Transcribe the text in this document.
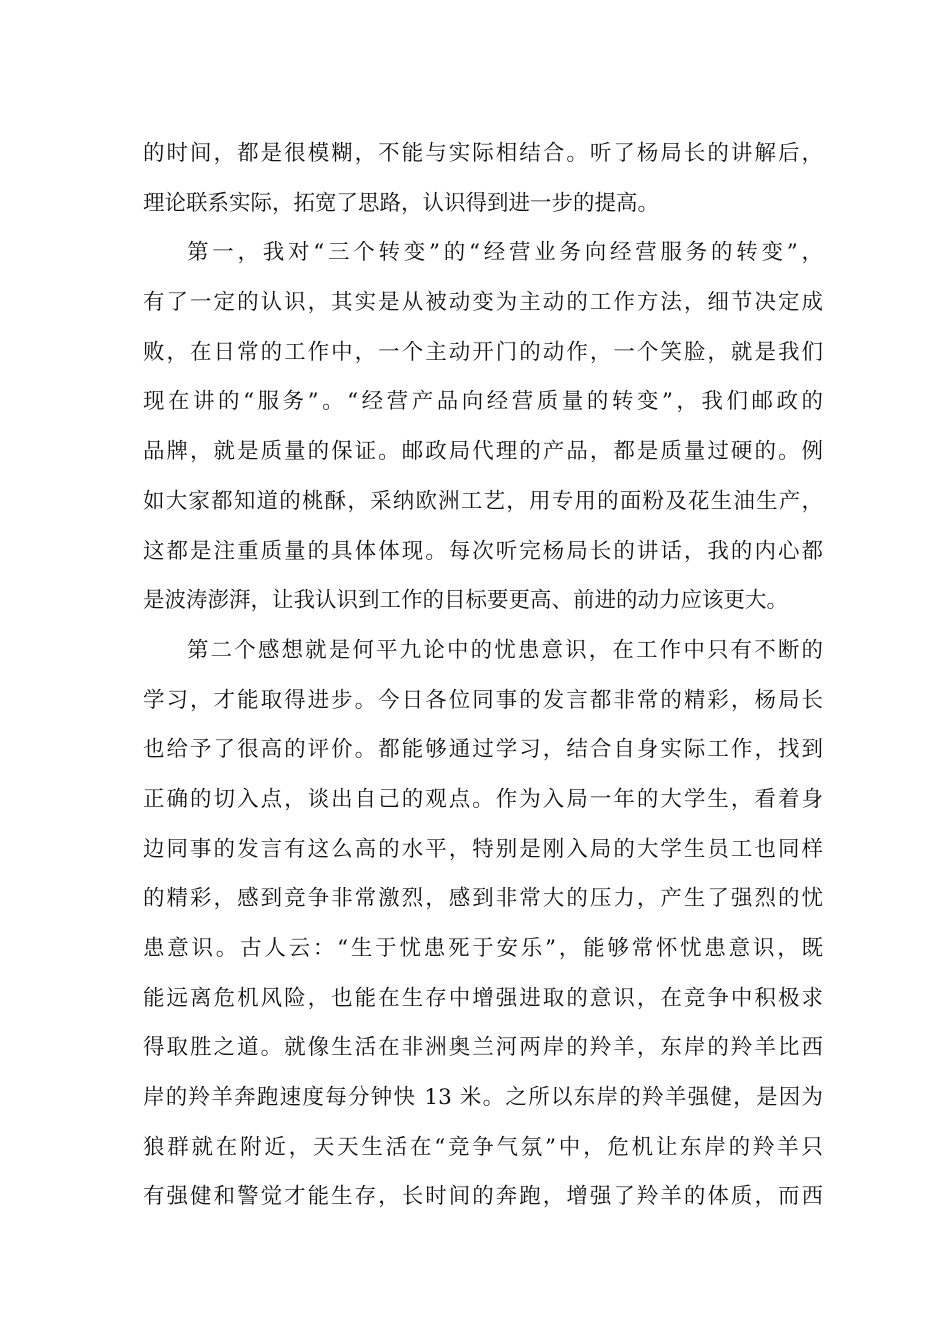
的时间，都是很模糊，不能与实际相结合。听了杨局长的讲解后，
理论联系实际，拓宽了思路，认识得到进一步的提高。
第一，我对“三个转变”的“经营业务向经营服务的转变”，
有了一定的认识，其实是从被动变为主动的工作方法，细节决定成
败，在日常的工作中，一个主动开门的动作，一个笑脸，就是我们
现在讲的“服务”。“经营产品向经营质量的转变”，我们邮政的
品牌，就是质量的保证。邮政局代理的产品，都是质量过硬的。例
如大家都知道的桃酥，采纳欧洲工艺，用专用的面粉及花生油生产，
这都是注重质量的具体体现。每次听完杨局长的讲话，我的内心都
是波涛澎湃，让我认识到工作的目标要更高、前进的动力应该更大。
第二个感想就是何平九论中的忧患意识，在工作中只有不断的
学习，才能取得进步。今日各位同事的发言都非常的精彩，杨局长
也给予了很高的评价。都能够通过学习，结合自身实际工作，找到
正确的切入点，谈出自己的观点。作为入局一年的大学生，看着身
边同事的发言有这么高的水平，特别是刚入局的大学生员工也同样
的精彩，感到竞争非常激烈，感到非常大的压力，产生了强烈的忧
患意识。古人云：“生于忧患死于安乐”，能够常怀忧患意识，既
能远离危机风险，也能在生存中增强进取的意识，在竞争中积极求
得取胜之道。就像生活在非洲奥兰河两岸的羚羊，东岸的羚羊比西
岸的羚羊奔跑速度每分钟快 13 米。之所以东岸的羚羊强健，是因为
狼群就在附近，天天生活在“竞争气氛”中，危机让东岸的羚羊只
有强健和警觉才能生存，长时间的奔跑，增强了羚羊的体质，而西
